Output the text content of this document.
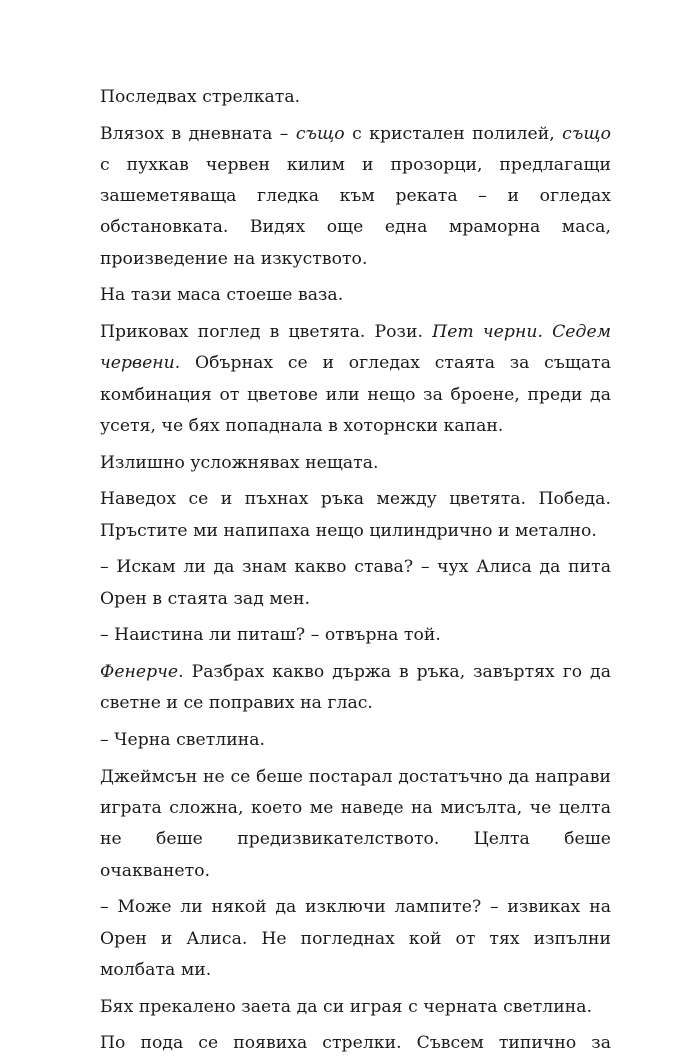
Последвах стрелката.

Влязох в дневната – също с кристален полилей, също с пухкав червен килим и прозорци, предлагащи зашеметяваща гледка към реката – и огледах обстановката. Видях още една мраморна маса, произведение на изкуството.

На тази маса стоеше ваза.

Приковах поглед в цветята. Рози. Пет черни. Седем червени. Обърнах се и огледах стаята за същата комбинация от цветове или нещо за броене, преди да усетя, че бях попаднала в хоторнски капан.

Излишно усложнявах нещата.

Наведох се и пъхнах ръка между цветята. Победа. Пръстите ми напипаха нещо цилиндрично и метално.

– Искам ли да знам какво става? – чух Алиса да пита Орен в стаята зад мен.

– Наистина ли питаш? – отвърна той.

Фенерче. Разбрах какво държа в ръка, завъртях го да светне и се поправих на глас.

– Черна светлина.

Джеймсън не се беше постарал достатъчно да направи играта сложна, което ме наведе на мисълта, че целта не беше предизвикателството. Целта беше очакването.

– Може ли някой да изключи лампите? – извиках на Орен и Алиса. Не погледнах кой от тях изпълни молбата ми.

Бях прекалено заета да си играя с черната светлина.

По пода се появиха стрелки. Съвсем типично за
